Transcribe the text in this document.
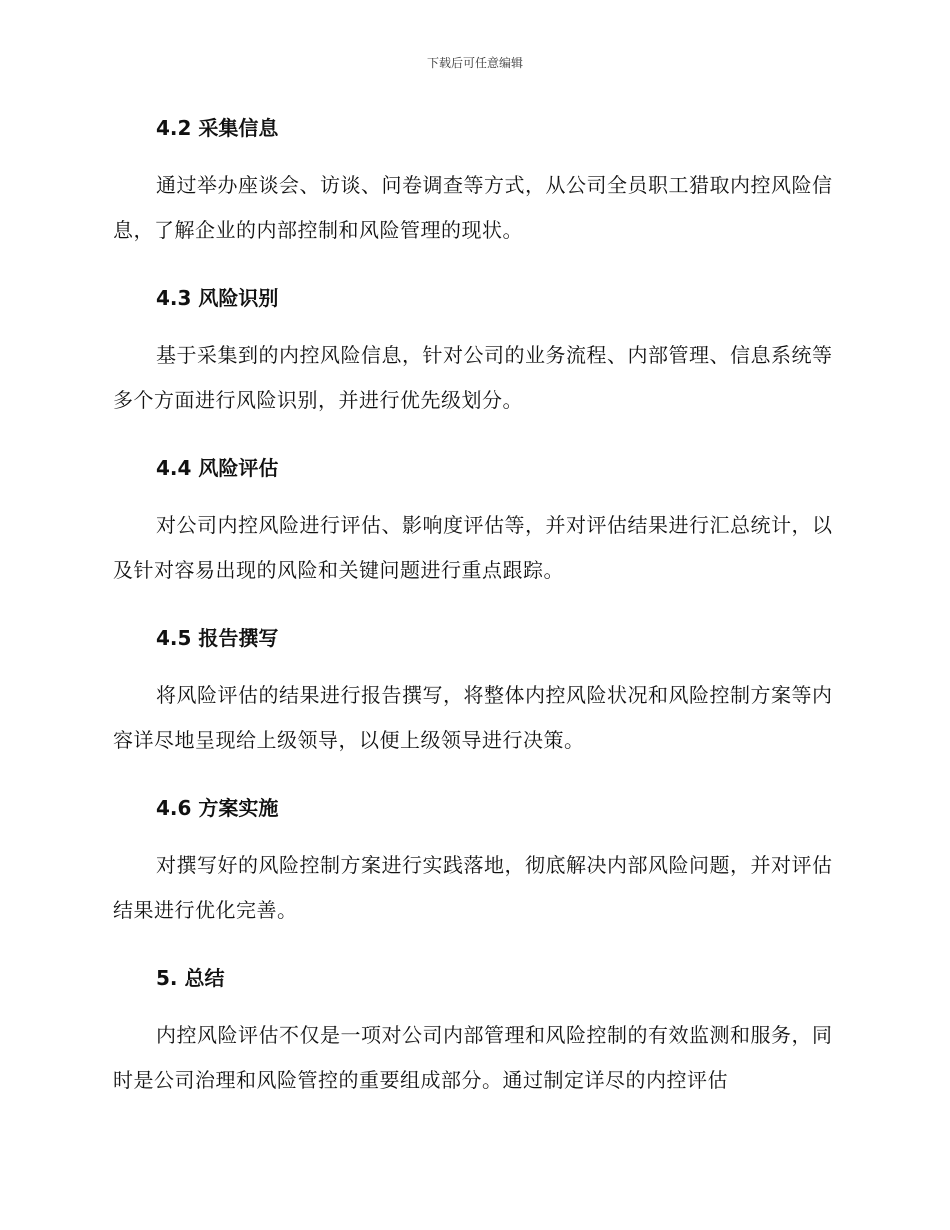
下载后可任意编辑
4.2 采集信息

通过举办座谈会、访谈、问卷调查等方式，从公司全员职工猎取内控风险信息，了解企业的内部控制和风险管理的现状。

4.3 风险识别

基于采集到的内控风险信息，针对公司的业务流程、内部管理、信息系统等多个方面进行风险识别，并进行优先级划分。

4.4 风险评估

对公司内控风险进行评估、影响度评估等，并对评估结果进行汇总统计，以及针对容易出现的风险和关键问题进行重点跟踪。

4.5 报告撰写

将风险评估的结果进行报告撰写，将整体内控风险状况和风险控制方案等内容详尽地呈现给上级领导，以便上级领导进行决策。

4.6 方案实施

对撰写好的风险控制方案进行实践落地，彻底解决内部风险问题，并对评估结果进行优化完善。

5. 总结

内控风险评估不仅是一项对公司内部管理和风险控制的有效监测和服务，同时是公司治理和风险管控的重要组成部分。通过制定详尽的内控评估
